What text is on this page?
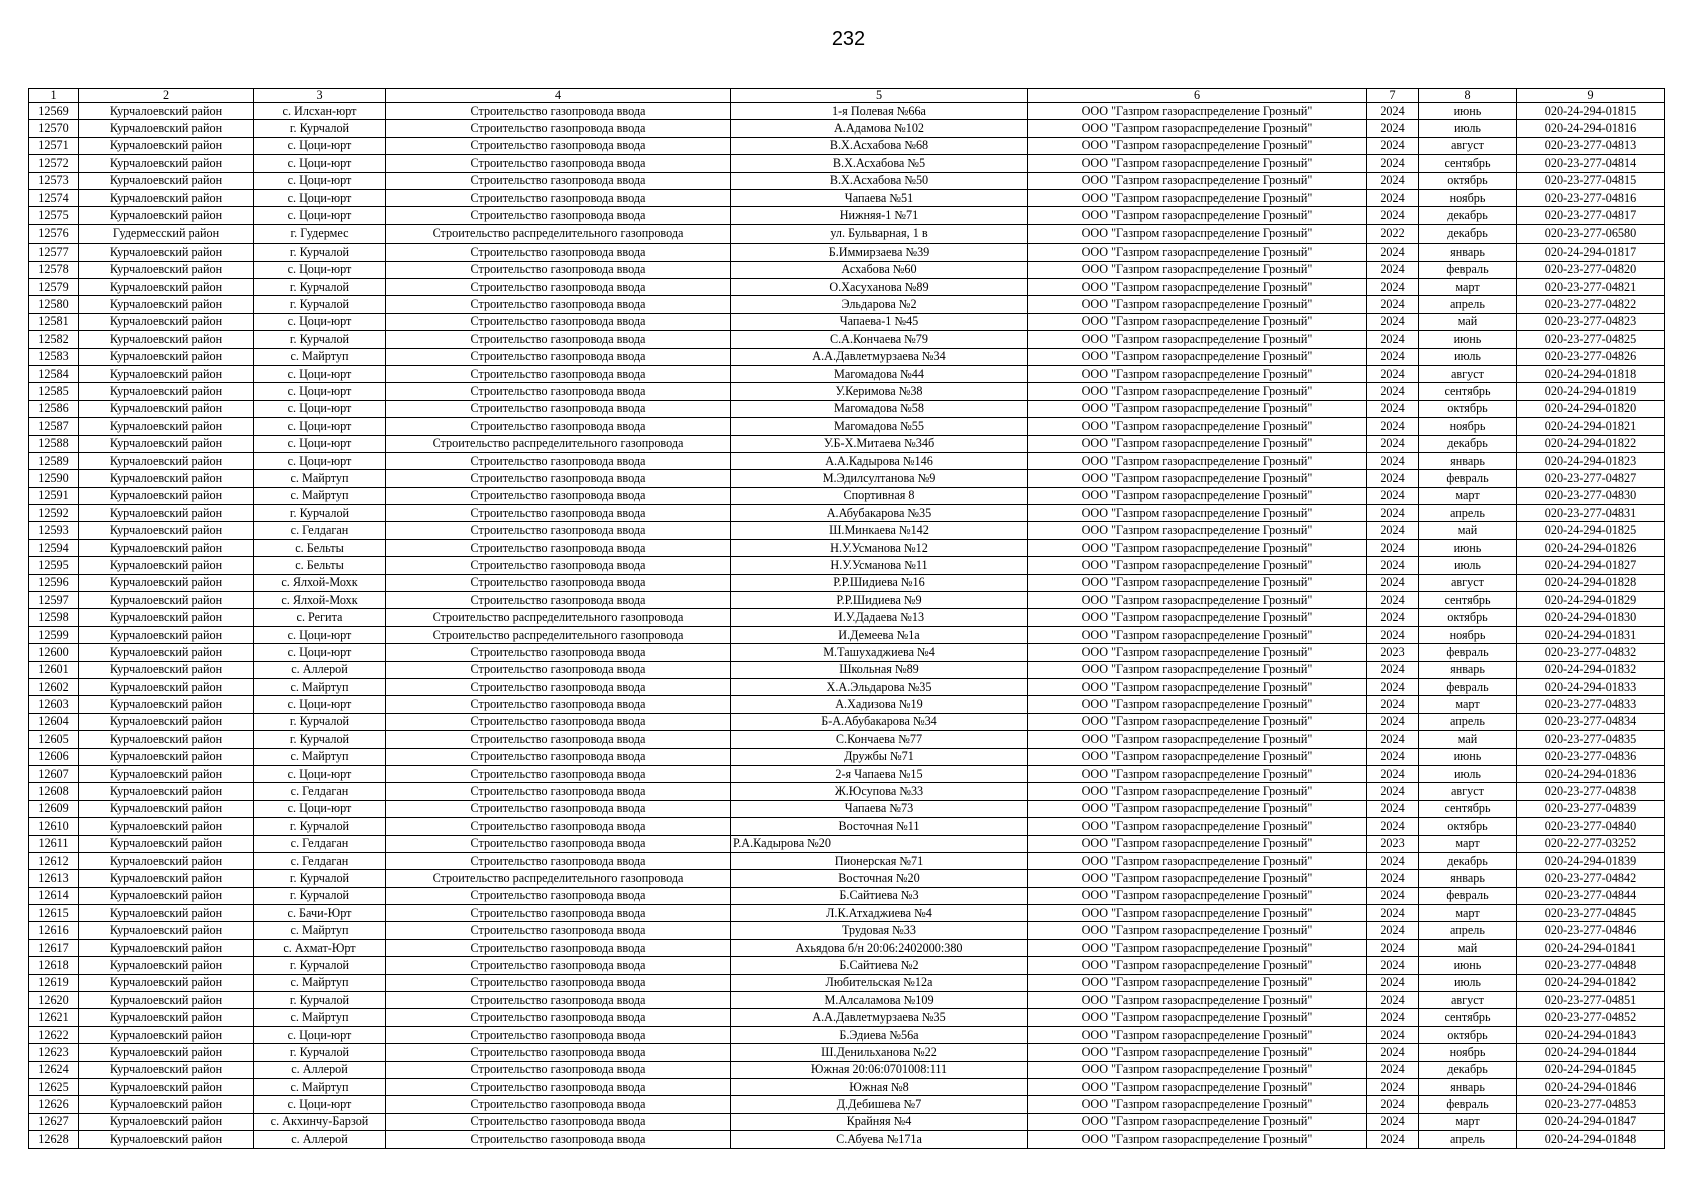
232
1	2	3	4	5	6	7	8	9
12569	Курчалоевский район	с. Илсхан-юрт	Строительство газопровода ввода	1-я Полевая №66а	ООО "Газпром газораспределение Грозный"	2024	июнь	020-24-294-01815
12570	Курчалоевский район	г. Курчалой	Строительство газопровода ввода	А.Адамова №102	ООО "Газпром газораспределение Грозный"	2024	июль	020-24-294-01816
12571	Курчалоевский район	с. Цоци-юрт	Строительство газопровода ввода	В.Х.Асхабова №68	ООО "Газпром газораспределение Грозный"	2024	август	020-23-277-04813
12572	Курчалоевский район	с. Цоци-юрт	Строительство газопровода ввода	В.Х.Асхабова №5	ООО "Газпром газораспределение Грозный"	2024	сентябрь	020-23-277-04814
12573	Курчалоевский район	с. Цоци-юрт	Строительство газопровода ввода	В.Х.Асхабова №50	ООО "Газпром газораспределение Грозный"	2024	октябрь	020-23-277-04815
12574	Курчалоевский район	с. Цоци-юрт	Строительство газопровода ввода	Чапаева №51	ООО "Газпром газораспределение Грозный"	2024	ноябрь	020-23-277-04816
12575	Курчалоевский район	с. Цоци-юрт	Строительство газопровода ввода	Нижняя-1 №71	ООО "Газпром газораспределение Грозный"	2024	декабрь	020-23-277-04817
12576	Гудермесский район	г. Гудермес	Строительство распределительного газопровода	ул. Бульварная, 1 в	ООО "Газпром газораспределение Грозный"	2022	декабрь	020-23-277-06580
12577	Курчалоевский район	г. Курчалой	Строительство газопровода ввода	Б.Иммирзаева №39	ООО "Газпром газораспределение Грозный"	2024	январь	020-24-294-01817
12578	Курчалоевский район	с. Цоци-юрт	Строительство газопровода ввода	Асхабова №60	ООО "Газпром газораспределение Грозный"	2024	февраль	020-23-277-04820
12579	Курчалоевский район	г. Курчалой	Строительство газопровода ввода	О.Хасуханова №89	ООО "Газпром газораспределение Грозный"	2024	март	020-23-277-04821
12580	Курчалоевский район	г. Курчалой	Строительство газопровода ввода	Эльдарова №2	ООО "Газпром газораспределение Грозный"	2024	апрель	020-23-277-04822
12581	Курчалоевский район	с. Цоци-юрт	Строительство газопровода ввода	Чапаева-1 №45	ООО "Газпром газораспределение Грозный"	2024	май	020-23-277-04823
12582	Курчалоевский район	г. Курчалой	Строительство газопровода ввода	С.А.Кончаева №79	ООО "Газпром газораспределение Грозный"	2024	июнь	020-23-277-04825
12583	Курчалоевский район	с. Майртуп	Строительство газопровода ввода	А.А.Давлетмурзаева №34	ООО "Газпром газораспределение Грозный"	2024	июль	020-23-277-04826
12584	Курчалоевский район	с. Цоци-юрт	Строительство газопровода ввода	Магомадова №44	ООО "Газпром газораспределение Грозный"	2024	август	020-24-294-01818
12585	Курчалоевский район	с. Цоци-юрт	Строительство газопровода ввода	У.Керимова №38	ООО "Газпром газораспределение Грозный"	2024	сентябрь	020-24-294-01819
12586	Курчалоевский район	с. Цоци-юрт	Строительство газопровода ввода	Магомадова №58	ООО "Газпром газораспределение Грозный"	2024	октябрь	020-24-294-01820
12587	Курчалоевский район	с. Цоци-юрт	Строительство газопровода ввода	Магомадова №55	ООО "Газпром газораспределение Грозный"	2024	ноябрь	020-24-294-01821
12588	Курчалоевский район	с. Цоци-юрт	Строительство распределительного газопровода	У.Б-Х.Митаева №34б	ООО "Газпром газораспределение Грозный"	2024	декабрь	020-24-294-01822
12589	Курчалоевский район	с. Цоци-юрт	Строительство газопровода ввода	А.А.Кадырова №146	ООО "Газпром газораспределение Грозный"	2024	январь	020-24-294-01823
12590	Курчалоевский район	с. Майртуп	Строительство газопровода ввода	М.Эдилсултанова №9	ООО "Газпром газораспределение Грозный"	2024	февраль	020-23-277-04827
12591	Курчалоевский район	с. Майртуп	Строительство газопровода ввода	Спортивная 8	ООО "Газпром газораспределение Грозный"	2024	март	020-23-277-04830
12592	Курчалоевский район	г. Курчалой	Строительство газопровода ввода	А.Абубакарова №35	ООО "Газпром газораспределение Грозный"	2024	апрель	020-23-277-04831
12593	Курчалоевский район	с. Гелдаган	Строительство газопровода ввода	Ш.Минкаева №142	ООО "Газпром газораспределение Грозный"	2024	май	020-24-294-01825
12594	Курчалоевский район	с. Бельты	Строительство газопровода ввода	Н.У.Усманова №12	ООО "Газпром газораспределение Грозный"	2024	июнь	020-24-294-01826
12595	Курчалоевский район	с. Бельты	Строительство газопровода ввода	Н.У.Усманова №11	ООО "Газпром газораспределение Грозный"	2024	июль	020-24-294-01827
12596	Курчалоевский район	с. Ялхой-Мохк	Строительство газопровода ввода	Р.Р.Шидиева №16	ООО "Газпром газораспределение Грозный"	2024	август	020-24-294-01828
12597	Курчалоевский район	с. Ялхой-Мохк	Строительство газопровода ввода	Р.Р.Шидиева №9	ООО "Газпром газораспределение Грозный"	2024	сентябрь	020-24-294-01829
12598	Курчалоевский район	с. Регита	Строительство распределительного газопровода	И.У.Дадаева №13	ООО "Газпром газораспределение Грозный"	2024	октябрь	020-24-294-01830
12599	Курчалоевский район	с. Цоци-юрт	Строительство распределительного газопровода	И.Демеева №1а	ООО "Газпром газораспределение Грозный"	2024	ноябрь	020-24-294-01831
12600	Курчалоевский район	с. Цоци-юрт	Строительство газопровода ввода	М.Ташухаджиева №4	ООО "Газпром газораспределение Грозный"	2023	февраль	020-23-277-04832
12601	Курчалоевский район	с. Аллерой	Строительство газопровода ввода	Школьная №89	ООО "Газпром газораспределение Грозный"	2024	январь	020-24-294-01832
12602	Курчалоевский район	с. Майртуп	Строительство газопровода ввода	Х.А.Эльдарова №35	ООО "Газпром газораспределение Грозный"	2024	февраль	020-24-294-01833
12603	Курчалоевский район	с. Цоци-юрт	Строительство газопровода ввода	А.Хадизова №19	ООО "Газпром газораспределение Грозный"	2024	март	020-23-277-04833
12604	Курчалоевский район	г. Курчалой	Строительство газопровода ввода	Б-А.Абубакарова №34	ООО "Газпром газораспределение Грозный"	2024	апрель	020-23-277-04834
12605	Курчалоевский район	г. Курчалой	Строительство газопровода ввода	С.Кончаева №77	ООО "Газпром газораспределение Грозный"	2024	май	020-23-277-04835
12606	Курчалоевский район	с. Майртуп	Строительство газопровода ввода	Дружбы №71	ООО "Газпром газораспределение Грозный"	2024	июнь	020-23-277-04836
12607	Курчалоевский район	с. Цоци-юрт	Строительство газопровода ввода	2-я Чапаева №15	ООО "Газпром газораспределение Грозный"	2024	июль	020-24-294-01836
12608	Курчалоевский район	с. Гелдаган	Строительство газопровода ввода	Ж.Юсупова №33	ООО "Газпром газораспределение Грозный"	2024	август	020-23-277-04838
12609	Курчалоевский район	с. Цоци-юрт	Строительство газопровода ввода	Чапаева №73	ООО "Газпром газораспределение Грозный"	2024	сентябрь	020-23-277-04839
12610	Курчалоевский район	г. Курчалой	Строительство газопровода ввода	Восточная №11	ООО "Газпром газораспределение Грозный"	2024	октябрь	020-23-277-04840
12611	Курчалоевский район	с. Гелдаган	Строительство газопровода ввода	Р.А.Кадырова №20	ООО "Газпром газораспределение Грозный"	2023	март	020-22-277-03252
12612	Курчалоевский район	с. Гелдаган	Строительство газопровода ввода	Пионерская №71	ООО "Газпром газораспределение Грозный"	2024	декабрь	020-24-294-01839
12613	Курчалоевский район	г. Курчалой	Строительство распределительного газопровода	Восточная №20	ООО "Газпром газораспределение Грозный"	2024	январь	020-23-277-04842
12614	Курчалоевский район	г. Курчалой	Строительство газопровода ввода	Б.Сайтиева №3	ООО "Газпром газораспределение Грозный"	2024	февраль	020-23-277-04844
12615	Курчалоевский район	с. Бачи-Юрт	Строительство газопровода ввода	Л.К.Атхаджиева №4	ООО "Газпром газораспределение Грозный"	2024	март	020-23-277-04845
12616	Курчалоевский район	с. Майртуп	Строительство газопровода ввода	Трудовая №33	ООО "Газпром газораспределение Грозный"	2024	апрель	020-23-277-04846
12617	Курчалоевский район	с. Ахмат-Юрт	Строительство газопровода ввода	Ахьядова б/н 20:06:2402000:380	ООО "Газпром газораспределение Грозный"	2024	май	020-24-294-01841
12618	Курчалоевский район	г. Курчалой	Строительство газопровода ввода	Б.Сайтиева №2	ООО "Газпром газораспределение Грозный"	2024	июнь	020-23-277-04848
12619	Курчалоевский район	с. Майртуп	Строительство газопровода ввода	Любительская №12а	ООО "Газпром газораспределение Грозный"	2024	июль	020-24-294-01842
12620	Курчалоевский район	г. Курчалой	Строительство газопровода ввода	М.Алсаламова №109	ООО "Газпром газораспределение Грозный"	2024	август	020-23-277-04851
12621	Курчалоевский район	с. Майртуп	Строительство газопровода ввода	А.А.Давлетмурзаева №35	ООО "Газпром газораспределение Грозный"	2024	сентябрь	020-23-277-04852
12622	Курчалоевский район	с. Цоци-юрт	Строительство газопровода ввода	Б.Эдиева №56а	ООО "Газпром газораспределение Грозный"	2024	октябрь	020-24-294-01843
12623	Курчалоевский район	г. Курчалой	Строительство газопровода ввода	Ш.Денильханова №22	ООО "Газпром газораспределение Грозный"	2024	ноябрь	020-24-294-01844
12624	Курчалоевский район	с. Аллерой	Строительство газопровода ввода	Южная 20:06:0701008:111	ООО "Газпром газораспределение Грозный"	2024	декабрь	020-24-294-01845
12625	Курчалоевский район	с. Майртуп	Строительство газопровода ввода	Южная №8	ООО "Газпром газораспределение Грозный"	2024	январь	020-24-294-01846
12626	Курчалоевский район	с. Цоци-юрт	Строительство газопровода ввода	Д.Дебишева №7	ООО "Газпром газораспределение Грозный"	2024	февраль	020-23-277-04853
12627	Курчалоевский район	с. Акхинчу-Барзой	Строительство газопровода ввода	Крайняя №4	ООО "Газпром газораспределение Грозный"	2024	март	020-24-294-01847
12628	Курчалоевский район	с. Аллерой	Строительство газопровода ввода	С.Абуева №171а	ООО "Газпром газораспределение Грозный"	2024	апрель	020-24-294-01848
